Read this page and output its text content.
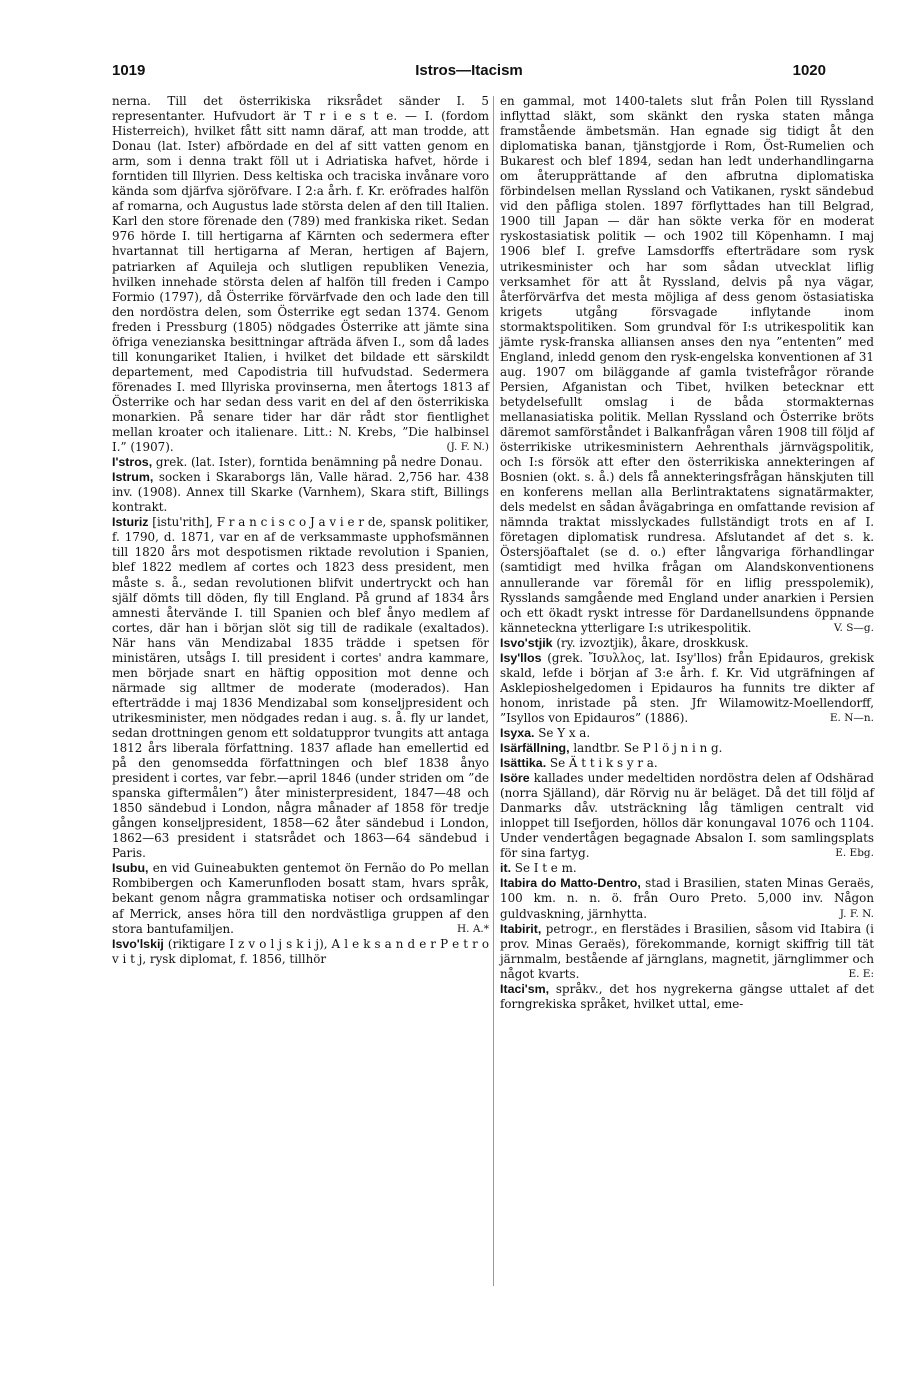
1019	Istros—Itacism	1020

nerna. Till det österrikiska riksrådet sänder I. 5 representanter. Hufvudort är T r i e s t e. — I. (fordom Histerreich), hvilket fått sitt namn däraf, att man trodde, att Donau (lat. Ister) afbördade en del af sitt vatten genom en arm, som i denna trakt föll ut i Adriatiska hafvet, hörde i forntiden till Illyrien. Dess keltiska och traciska invånare voro kända som djärfva sjöröfvare. I 2:a årh. f. Kr. eröfrades halfön af romarna, och Augustus lade största delen af den till Italien. Karl den store förenade den (789) med frankiska riket. Sedan 976 hörde I. till hertigarna af Kärnten och sedermera efter hvartannat till hertigarna af Meran, hertigen af Bajern, patriarken af Aquileja och slutligen republiken Venezia, hvilken innehade största delen af halfön till freden i Campo Formio (1797), då Österrike förvärfvade den och lade den till den nordöstra delen, som Österrike egt sedan 1374. Genom freden i Pressburg (1805) nödgades Österrike att jämte sina öfriga venezianska besittningar afträda äfven I., som då lades till konungariket Italien, i hvilket det bildade ett särskildt departement, med Capodistria till hufvudstad. Sedermera förenades I. med Illyriska provinserna, men återtogs 1813 af Österrike och har sedan dess varit en del af den österrikiska monarkien. På senare tider har där rådt stor fientlighet mellan kroater och italienare. Litt.: N. Krebs, ”Die halbinsel I.” (1907).	(J. F. N.)

I'stros, grek. (lat. Ister), forntida benämning på nedre Donau.

Istrum, socken i Skaraborgs län, Valle härad. 2,756 har. 438 inv. (1908). Annex till Skarke (Varnhem), Skara stift, Billings kontrakt.

Isturiz [istu'rith], F r a n c i s c o J a v i e r de, spansk politiker, f. 1790, d. 1871, var en af de verksammaste upphofsmännen till 1820 års mot despotismen riktade revolution i Spanien, blef 1822 medlem af cortes och 1823 dess president, men måste s. å., sedan revolutionen blifvit undertryckt och han själf dömts till döden, fly till England. På grund af 1834 års amnesti återvände I. till Spanien och blef ånyo medlem af cortes, där han i början slöt sig till de radikale (exaltados). När hans vän Mendizabal 1835 trädde i spetsen för ministären, utsågs I. till president i cortes' andra kammare, men började snart en häftig opposition mot denne och närmade sig alltmer de moderate (moderados). Han efterträdde i maj 1836 Mendizabal som konseljpresident och utrikesminister, men nödgades redan i aug. s. å. fly ur landet, sedan drottningen genom ett soldatuppror tvungits att antaga 1812 års liberala författning. 1837 aflade han emellertid ed på den genomsedda författningen och blef 1838 ånyo president i cortes, var febr.—april 1846 (under striden om ”de spanska giftermålen”) åter ministerpresident, 1847—48 och 1850 sändebud i London, några månader af 1858 för tredje gången konseljpresident, 1858—62 åter sändebud i London, 1862—63 president i statsrådet och 1863—64 sändebud i Paris.

Isubu, en vid Guineabukten gentemot ön Fernão do Po mellan Rombibergen och Kamerunfloden bosatt stam, hvars språk, bekant genom några grammatiska notiser och ordsamlingar af Merrick, anses höra till den nordvästliga gruppen af den stora bantufamiljen.	H. A.*

Isvo'lskij (riktigare I z v o l j s k i j), A l e k s a n d e r P e t r o v i t j, rysk diplomat, f. 1856, tillhör

en gammal, mot 1400-talets slut från Polen till Ryssland inflyttad släkt, som skänkt den ryska staten många framstående ämbetsmän. Han egnade sig tidigt åt den diplomatiska banan, tjänstgjorde i Rom, Öst-Rumelien och Bukarest och blef 1894, sedan han ledt underhandlingarna om återupprättande af den afbrutna diplomatiska förbindelsen mellan Ryssland och Vatikanen, ryskt sändebud vid den påfliga stolen. 1897 förflyttades han till Belgrad, 1900 till Japan — där han sökte verka för en moderat ryskostasiatisk politik — och 1902 till Köpenhamn. I maj 1906 blef I. grefve Lamsdorffs efterträdare som rysk utrikesminister och har som sådan utvecklat liflig verksamhet för att åt Ryssland, delvis på nya vägar, återförvärfva det mesta möjliga af dess genom östasiatiska krigets utgång försvagade inflytande inom stormaktspolitiken. Som grundval för I:s utrikespolitik kan jämte rysk-franska alliansen anses den nya ”ententen” med England, inledd genom den rysk-engelska konventionen af 31 aug. 1907 om biläggande af gamla tvistefrågor rörande Persien, Afganistan och Tibet, hvilken betecknar ett betydelsefullt omslag i de båda stormakternas mellanasiatiska politik. Mellan Ryssland och Österrike bröts däremot samförståndet i Balkanfrågan våren 1908 till följd af österrikiske utrikesministern Aehrenthals järnvägspolitik, och I:s försök att efter den österrikiska annekteringen af Bosnien (okt. s. å.) dels få annekteringsfrågan hänskjuten till en konferens mellan alla Berlintraktatens signatärmakter, dels medelst en sådan åvägabringa en omfattande revision af nämnda traktat misslyckades fullständigt trots en af I. företagen diplomatisk rundresa. Afslutandet af det s. k. Östersjöaftalet (se d. o.) efter långvariga förhandlingar (samtidigt med hvilka frågan om Alandskonventionens annullerande var föremål för en liflig presspolemik), Rysslands samgående med England under anarkien i Persien och ett ökadt ryskt intresse för Dardanellsundens öppnande kännetecknа ytterligare I:s utrikespolitik.	V. S—g.

Isvo'stjik (ry. izvoztjik), åkare, droskkusk.

Isy'llos (grek. Ἴσυλλος, lat. Isy'llos) från Epidauros, grekisk skald, lefde i början af 3:e årh. f. Kr. Vid utgräfningen af Asklepioshelgedomen i Epidauros ha funnits tre dikter af honom, inristade på sten. Jfr Wilamowitz-Moellendorff, ”Isyllos von Epidauros” (1886).	E. N—n.

Isyxa. Se Y x a.

Isärfällning, landtbr. Se P l ö j n i n g.

Isättika. Se Ä t t i k s y r a.

Isöre kallades under medeltiden nordöstra delen af Odshärad (norra Själland), där Rörvig nu är beläget. Då det till följd af Danmarks dåv. utsträckning låg tämligen centralt vid inloppet till Isefjorden, höllos där konungaval 1076 och 1104. Under vendertågen begagnade Absalon I. som samlingsplats för sina fartyg.	E. Ebg.

it. Se I t e m.

Itabira do Matto-Dentro, stad i Brasilien, staten Minas Geraës, 100 km. n. n. ö. från Ouro Preto. 5,000 inv. Någon guldvaskning, järnhytta.	J. F. N.

Itabirit, petrogr., en flerstädes i Brasilien, såsom vid Itabira (i prov. Minas Geraës), förekommande, kornigt skiffrig till tät järnmalm, bestående af järnglans, magnetit, järnglimmer och något kvarts.	E. E:

Itaci'sm, språkv., det hos nygrekerna gängse uttalet af det forngrekiska språket, hvilket uttal, eme-
